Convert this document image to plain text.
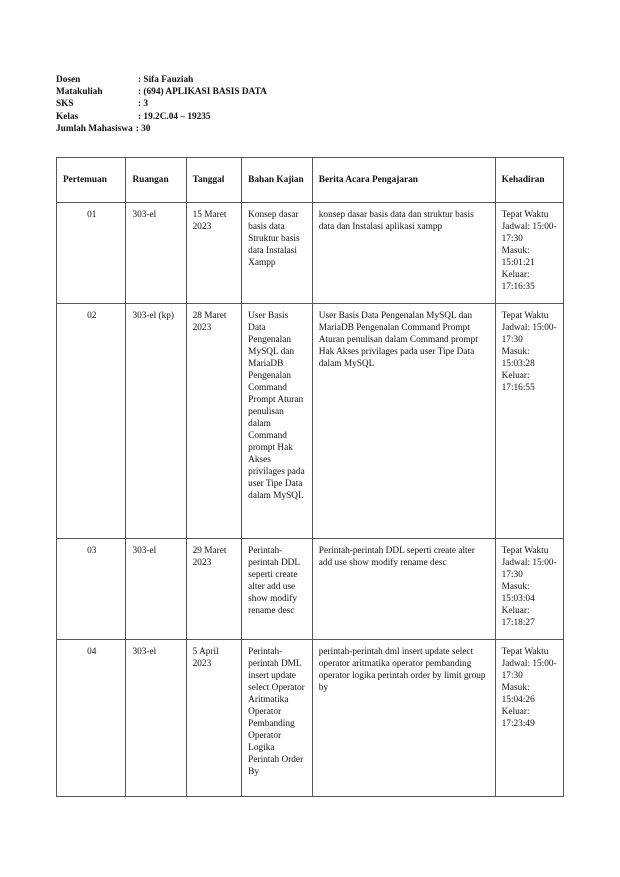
Dosen	: Sifa Fauziah
Matakuliah	: (694) APLIKASI BASIS DATA
SKS	: 3
Kelas	: 19.2C.04 – 19235
Jumlah Mahasiswa : 30
Pertemuan	Ruangan	Tanggal	Bahan Kajian	Berita Acara Pengajaran	Kehadiran
01	303-el	15 Maret 2023	Konsep dasar basis data Struktur basis data Instalasi Xampp	konsep dasar basis data dan struktur basis data dan Instalasi aplikasi xampp	Tepat Waktu
Jadwal: 15:00-17:30
Masuk: 15:01:21
Keluar: 17:16:35

02	303-el (kp)	28 Maret 2023	User Basis Data Pengenalan MySQL dan MariaDB Pengenalan Command Prompt Aturan penulisan dalam Command prompt Hak Akses privilages pada user Tipe Data dalam MySQL	User Basis Data Pengenalan MySQL dan MariaDB Pengenalan Command Prompt Aturan penulisan dalam Command prompt Hak Akses privilages pada user Tipe Data dalam MySQL	Tepat Waktu
Jadwal: 15:00-17:30
Masuk: 15:03:28
Keluar: 17:16:55

03	303-el	29 Maret 2023	Perintah-perintah DDL seperti create alter add use show modify rename desc	Perintah-perintah DDL seperti create alter add use show modify rename desc	Tepat Waktu
Jadwal: 15:00-17:30
Masuk: 15:03:04
Keluar: 17:18:27

04	303-el	5 April 2023	Perintah-perintah DML insert update select Operator Aritmatika Operator Pembanding Operator Logika Perintah Order By	perintah-perintah dml insert update select operator aritmatika operator pembanding operator logika perintah order by limit group by	Tepat Waktu
Jadwal: 15:00-17:30
Masuk: 15:04:26
Keluar: 17:23:49
